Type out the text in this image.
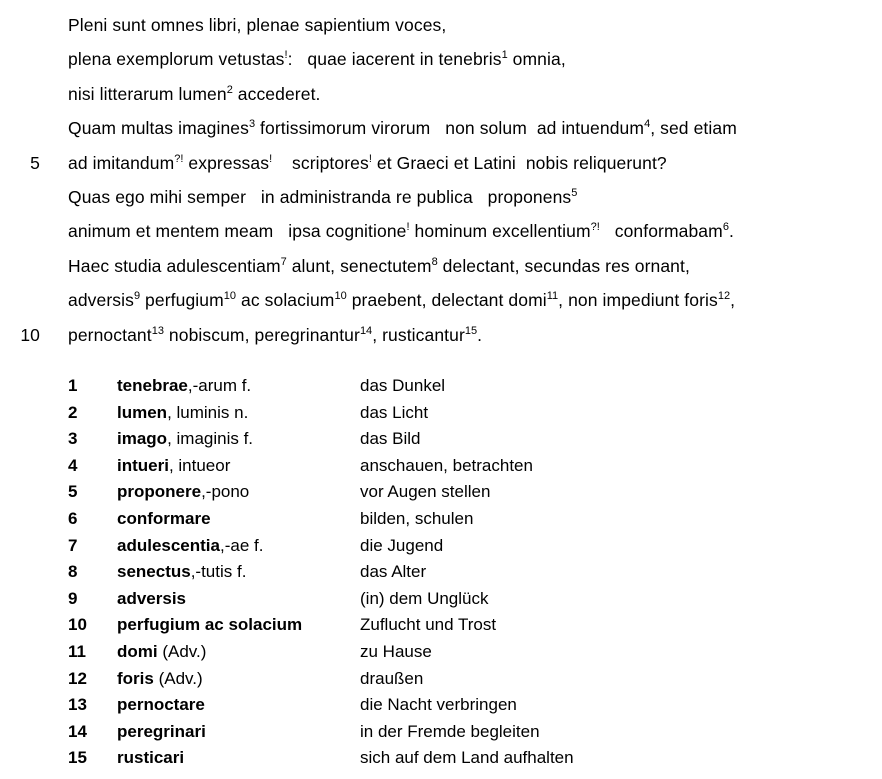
Pleni sunt omnes libri, plenae sapientium voces,
plena exemplorum vetustas!:   quae iacerent in tenebris$^1$ omnia,
nisi litterarum lumen$^2$ accederet.
Quam multas imagines$^3$ fortissimorum virorum   non solum  ad intuendum$^4$, sed etiam
5 ad imitandum?! expressas!    scriptores! et Graeci et Latini  nobis reliquerunt?
Quas ego mihi semper   in administranda re publica   proponens$^5$
animum et mentem meam   ipsa cognitione! hominum excellentium?!   conformabam$^6$.
Haec studia adulescentiam$^7$ alunt, senectutem$^8$ delectant, secundas res ornant,
adversis$^9$ perfugium$^{10}$ ac solacium$^{10}$ praebent, delectant domi$^{11}$, non impediunt foris$^{12}$,
10 pernoctant$^{13}$ nobiscum, peregrinantur$^{14}$, rusticantur$^{15}$.
1	tenebrae,-arum f.	das Dunkel
2	lumen, luminis n.	das Licht
3	imago, imaginis f.	das Bild
4	intueri, intueor	anschauen, betrachten
5	proponere,-pono	vor Augen stellen
6	conformare	bilden, schulen
7	adulescentia,-ae f.	die Jugend
8	senectus,-tutis f.	das Alter
9	adversis	(in) dem Unglück
10	perfugium ac solacium	Zuflucht und Trost
11	domi (Adv.)	zu Hause
12	foris (Adv.)	draußen
13	pernoctare	die Nacht verbringen
14	peregrinari	in der Fremde begleiten
15	rusticari	sich auf dem Land aufhalten
